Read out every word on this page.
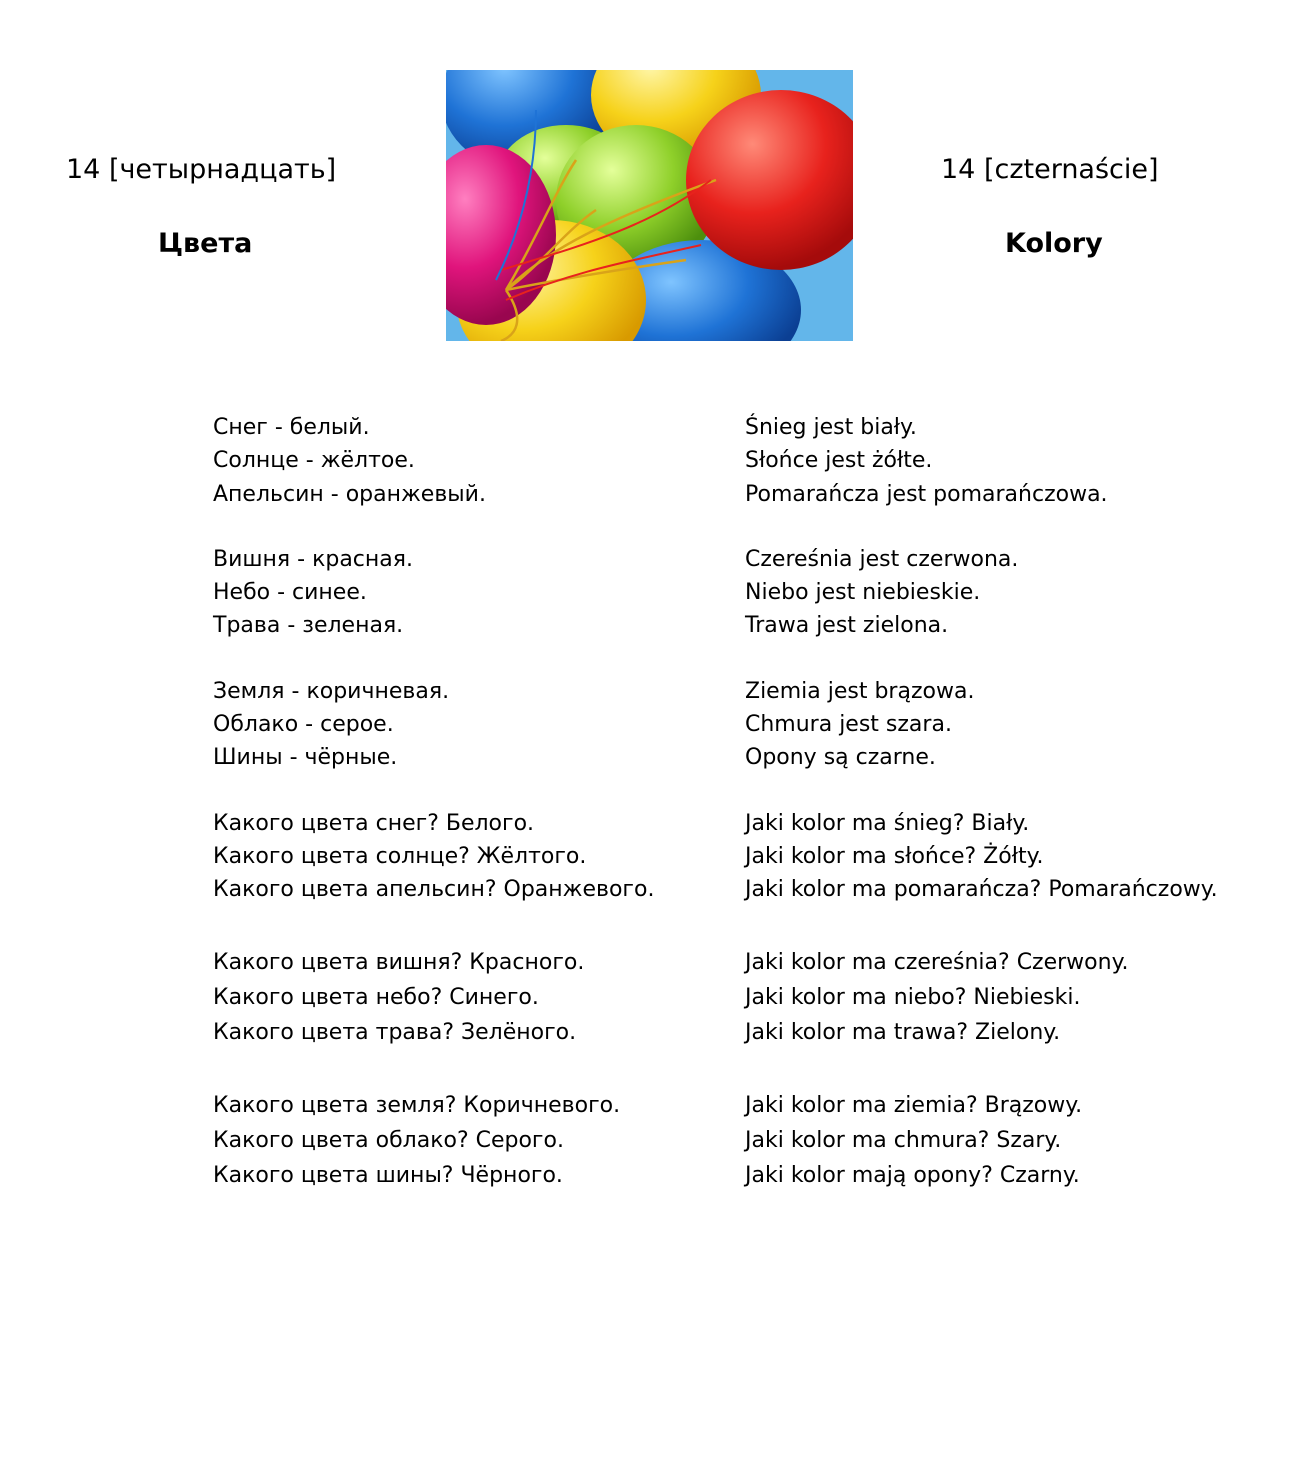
14 [четырнадцать]
Цвета
14 [czternaście]
Kolory
Снег - белый.
Солнце - жёлтое.
Апельсин - оранжевый.
Вишня - красная.
Небо - синее.
Трава - зеленая.
Земля - коричневая.
Облако - серое.
Шины - чёрные.
Какого цвета снег? Белого.
Какого цвета солнце? Жёлтого.
Какого цвета апельсин? Оранжевого.
Какого цвета вишня? Красного.
Какого цвета небо? Синего.
Какого цвета трава? Зелёного.
Какого цвета земля? Коричневого.
Какого цвета облако? Серого.
Какого цвета шины? Чёрного.
Śnieg jest biały.
Słońce jest żółte.
Pomarańcza jest pomarańczowa.
Czereśnia jest czerwona.
Niebo jest niebieskie.
Trawa jest zielona.
Ziemia jest brązowa.
Chmura jest szara.
Opony są czarne.
Jaki kolor ma śnieg? Biały.
Jaki kolor ma słońce? Żółty.
Jaki kolor ma pomarańcza? Pomarańczowy.
Jaki kolor ma czereśnia? Czerwony.
Jaki kolor ma niebo? Niebieski.
Jaki kolor ma trawa? Zielony.
Jaki kolor ma ziemia? Brązowy.
Jaki kolor ma chmura? Szary.
Jaki kolor mają opony? Czarny.
